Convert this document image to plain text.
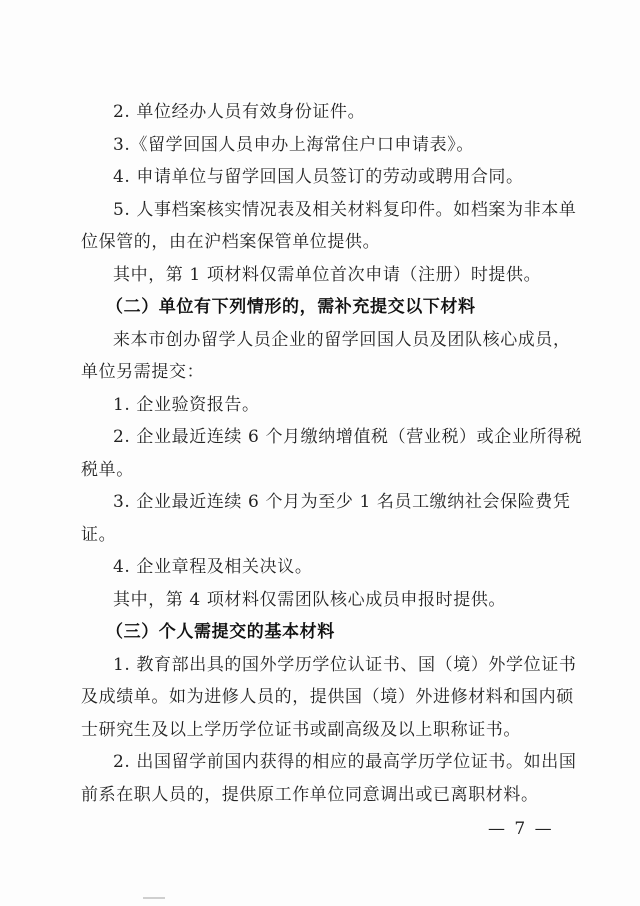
2. 单位经办人员有效身份证件。
3.《留学回国人员申办上海常住户口申请表》。
4. 申请单位与留学回国人员签订的劳动或聘用合同。
5. 人事档案核实情况表及相关材料复印件。如档案为非本单
位保管的，由在沪档案保管单位提供。
其中，第 1 项材料仅需单位首次申请（注册）时提供。
（二）单位有下列情形的，需补充提交以下材料
来本市创办留学人员企业的留学回国人员及团队核心成员，
单位另需提交：
1. 企业验资报告。
2. 企业最近连续 6 个月缴纳增值税（营业税）或企业所得税
税单。
3. 企业最近连续 6 个月为至少 1 名员工缴纳社会保险费凭
证。
4. 企业章程及相关决议。
其中，第 4 项材料仅需团队核心成员申报时提供。
（三）个人需提交的基本材料
1. 教育部出具的国外学历学位认证书、国（境）外学位证书
及成绩单。如为进修人员的，提供国（境）外进修材料和国内硕
士研究生及以上学历学位证书或副高级及以上职称证书。
2. 出国留学前国内获得的相应的最高学历学位证书。如出国
前系在职人员的，提供原工作单位同意调出或已离职材料。
— 7 —
